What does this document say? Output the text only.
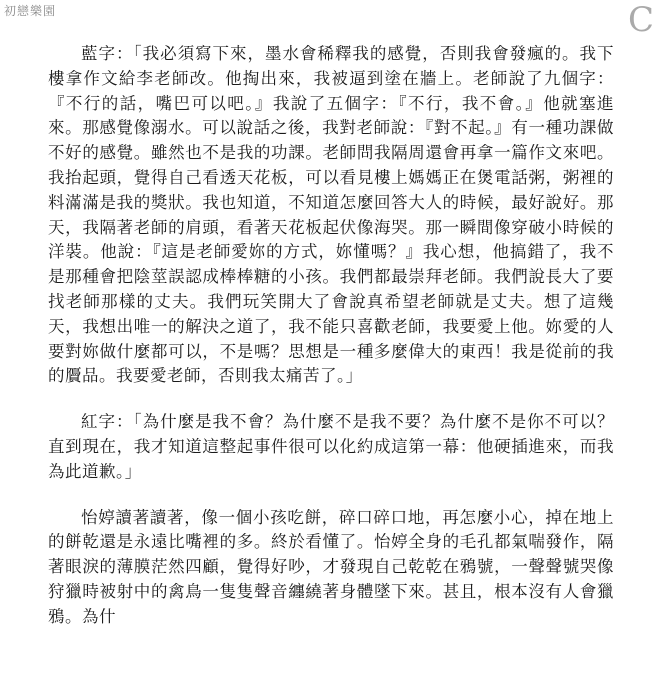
初戀樂園	C

藍字：「我必須寫下來，墨水會稀釋我的感覺，否則我會發瘋的。我下樓拿作文給李老師改。他掏出來，我被逼到塗在牆上。老師說了九個字：『不行的話，嘴巴可以吧。』我說了五個字：『不行，我不會。』他就塞進來。那感覺像溺水。可以說話之後，我對老師說：『對不起。』有一種功課做不好的感覺。雖然也不是我的功課。老師問我隔周還會再拿一篇作文來吧。我抬起頭，覺得自己看透天花板，可以看見樓上媽媽正在煲電話粥，粥裡的料滿滿是我的獎狀。我也知道，不知道怎麼回答大人的時候，最好說好。那天，我隔著老師的肩頭，看著天花板起伏像海哭。那一瞬間像穿破小時候的洋裝。他說：『這是老師愛妳的方式，妳懂嗎？』我心想，他搞錯了，我不是那種會把陰莖誤認成棒棒糖的小孩。我們都最崇拜老師。我們說長大了要找老師那樣的丈夫。我們玩笑開大了會說真希望老師就是丈夫。想了這幾天，我想出唯一的解決之道了，我不能只喜歡老師，我要愛上他。妳愛的人要對妳做什麼都可以，不是嗎？思想是一種多麼偉大的東西！我是從前的我的贗品。我要愛老師，否則我太痛苦了。」

紅字：「為什麼是我不會？為什麼不是我不要？為什麼不是你不可以？直到現在，我才知道這整起事件很可以化約成這第一幕：他硬插進來，而我為此道歉。」

怡婷讀著讀著，像一個小孩吃餅，碎口碎口地，再怎麼小心，掉在地上的餅乾還是永遠比嘴裡的多。終於看懂了。怡婷全身的毛孔都氣喘發作，隔著眼淚的薄膜茫然四顧，覺得好吵，才發現自己乾乾在鴉號，一聲聲號哭像狩獵時被射中的禽鳥一隻隻聲音纏繞著身體墜下來。甚且，根本沒有人會獵鴉。為什
